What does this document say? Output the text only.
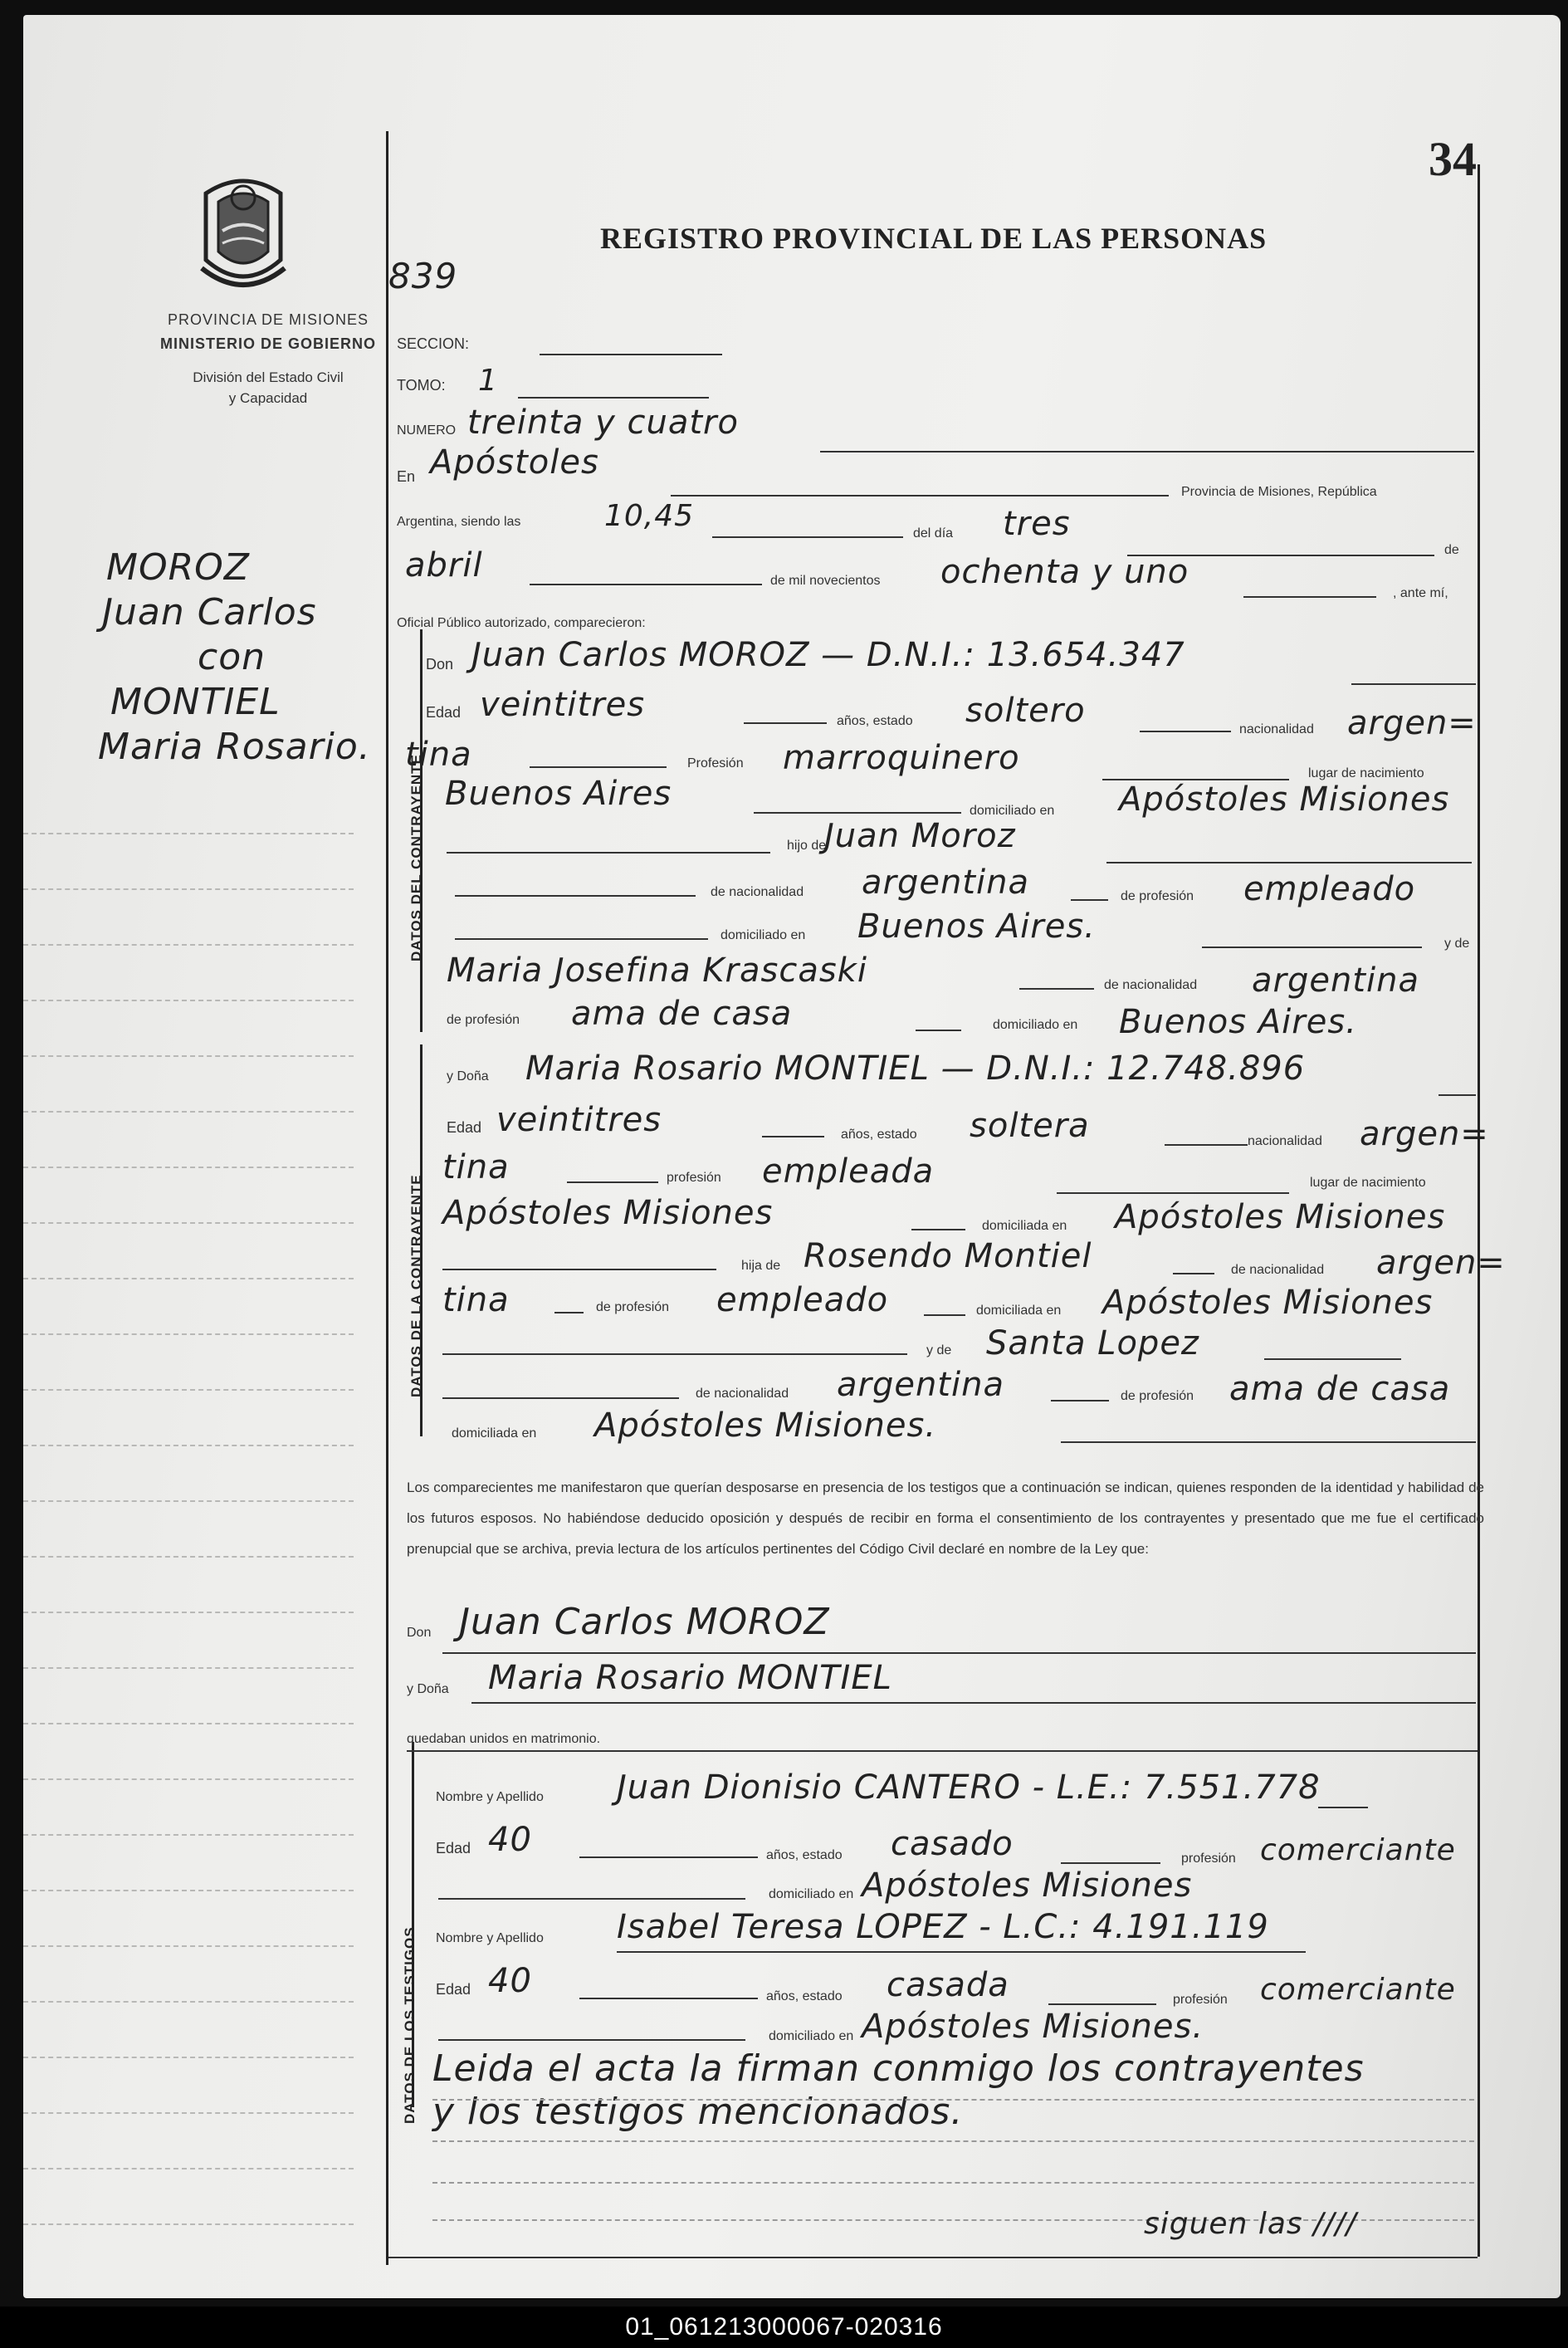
34
PROVINCIA DE MISIONES
MINISTERIO DE GOBIERNO
División del Estado Civil
y Capacidad
MOROZ
Juan Carlos
con
MONTIEL
Maria Rosario.
REGISTRO PROVINCIAL DE LAS PERSONAS
839
SECCION:
TOMO: 1
NUMERO treinta y cuatro
En Apóstoles
Provincia de Misiones, República
Argentina, siendo las	10,45
del día tres
de
abril	de mil novecientos ochenta y uno
, ante mí,
Oficial Público autorizado, comparecieron:
DATOS DEL CONTRAYENTE
Don Juan Carlos MOROZ — D.N.I.: 13.654.347
Edad veintitres	años, estado soltero	nacionalidad argen=
tina	Profesión marroquinero	lugar de nacimiento
Buenos Aires	domiciliado en Apóstoles Misiones
hijo de
Juan Moroz
de nacionalidad argentina	de profesión empleado
domiciliado en Buenos Aires.	y de
Maria Josefina Krascaski	de nacionalidad argentina
de profesión ama de casa	domiciliado en Buenos Aires.
DATOS DE LA CONTRAYENTE
y Doña Maria Rosario MONTIEL — D.N.I.: 12.748.896
Edad veintitres	años, estado soltera	nacionalidad argen=
tina	profesión empleada	lugar de nacimiento
Apóstoles Misiones	domiciliada en Apóstoles Misiones
hija de Rosendo Montiel	de nacionalidad argen=
tina	de profesión empleado	domiciliada en Apóstoles Misiones
y de Santa Lopez
de nacionalidad argentina	de profesión ama de casa
domiciliada en Apóstoles Misiones.
Los comparecientes me manifestaron que querían desposarse en presencia de los testigos que a continuación se indican, quienes responden de la identidad y habilidad de los futuros esposos. No habiéndose deducido oposición y después de recibir en forma el consentimiento de los contrayentes y presentado que me fue el certificado prenupcial que se archiva, previa lectura de los artículos pertinentes del Código Civil declaré en nombre de la Ley que:
Don Juan Carlos MOROZ
y Doña Maria Rosario MONTIEL
quedaban unidos en matrimonio.
DATOS DE LOS TESTIGOS
Nombre y Apellido Juan Dionisio CANTERO - L.E.: 7.551.778
Edad 40	años, estado casado	profesión comerciante
domiciliado en Apóstoles Misiones
Nombre y Apellido Isabel Teresa LOPEZ - L.C.: 4.191.119
Edad 40	años, estado casada	profesión comerciante
domiciliado en Apóstoles Misiones.
Leida el acta la firman conmigo los contrayentes
y los testigos mencionados.
siguen las ////
01_061213000067-020316
